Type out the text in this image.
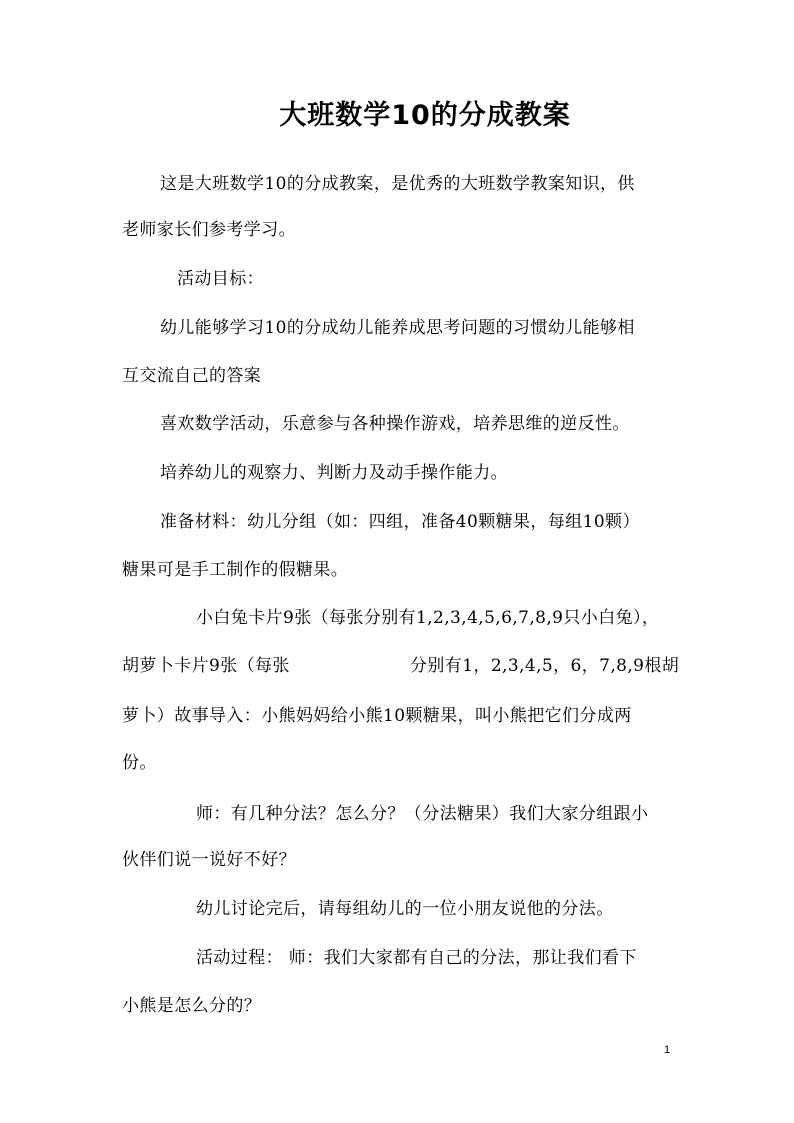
大班数学10的分成教案
这是大班数学10的分成教案，是优秀的大班数学教案知识，供
老师家长们参考学习。
活动目标：
幼儿能够学习10的分成幼儿能养成思考问题的习惯幼儿能够相
互交流自己的答案
喜欢数学活动，乐意参与各种操作游戏，培养思维的逆反性。
培养幼儿的观察力、判断力及动手操作能力。
准备材料：幼儿分组（如：四组，准备40颗糖果，每组10颗）
糖果可是手工制作的假糖果。
小白兔卡片9张（每张分别有1,2,3,4,5,6,7,8,9只小白兔），
胡萝卜卡片9张（每张	分别有1，2,3,4,5，6，7,8,9根胡
萝卜）故事导入：小熊妈妈给小熊10颗糖果，叫小熊把它们分成两
份。
师：有几种分法？怎么分？（分法糖果）我们大家分组跟小
伙伴们说一说好不好？
幼儿讨论完后，请每组幼儿的一位小朋友说他的分法。
活动过程： 师：我们大家都有自己的分法，那让我们看下
小熊是怎么分的？
1
